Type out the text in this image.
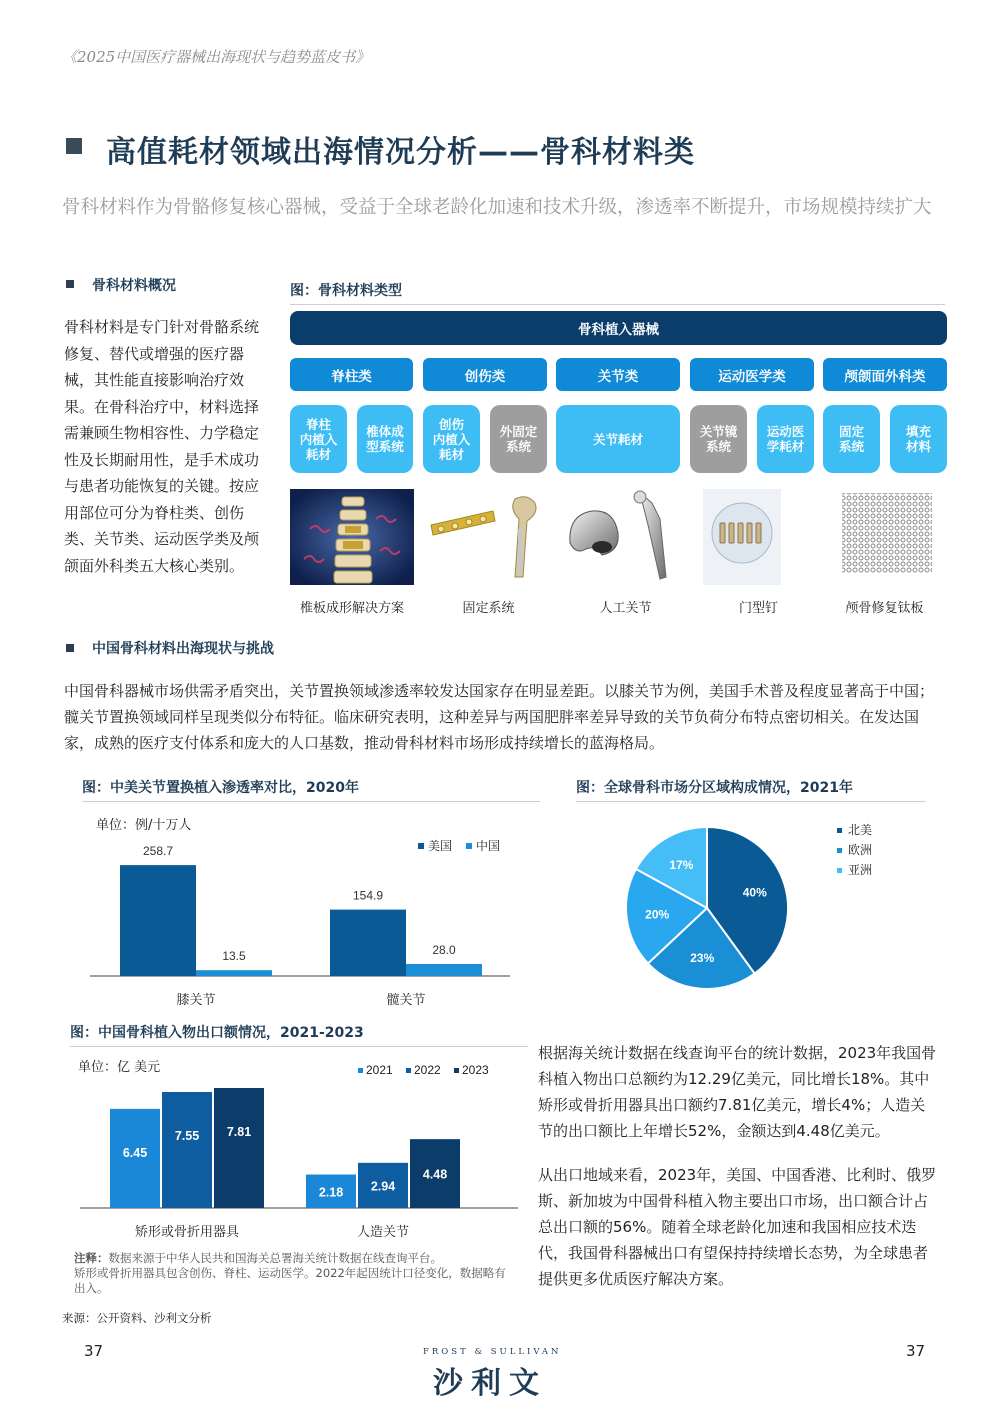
《2025中国医疗器械出海现状与趋势蓝皮书》
高值耗材领域出海情况分析——骨科材料类
骨科材料作为骨骼修复核心器械，受益于全球老龄化加速和技术升级，渗透率不断提升，市场规模持续扩大
骨科材料概况
骨科材料是专门针对骨骼系统修复、替代或增强的医疗器械，其性能直接影响治疗效果。在骨科治疗中，材料选择需兼顾生物相容性、力学稳定性及长期耐用性，是手术成功与患者功能恢复的关键。按应用部位可分为脊柱类、创伤类、关节类、运动医学类及颅颌面外科类五大核心类别。
图：骨科材料类型
骨科植入器械
脊柱类	创伤类	关节类	运动医学类	颅颌面外科类
脊柱
内植入
耗材
椎体成
型系统
创伤
内植入
耗材
外固定
系统	关节耗材	关节镜
系统
运动医
学耗材
固定
系统
填充
材料
椎板成形解决方案	固定系统	人工关节	门型钉	颅骨修复钛板
中国骨科材料出海现状与挑战
中国骨科器械市场供需矛盾突出，关节置换领域渗透率较发达国家存在明显差距。以膝关节为例，美国手术普及程度显著高于中国；髋关节置换领域同样呈现类似分布特征。临床研究表明，这种差异与两国肥胖率差异导致的关节负荷分布特点密切相关。在发达国家，成熟的医疗支付体系和庞大的人口基数，推动骨科材料市场形成持续增长的蓝海格局。
图：中美关节置换植入渗透率对比，2020年
单位：例/十万人
258.7
13.5
膝关节
154.9
28.0
髋关节
美国 中国
图：全球骨科市场分区域构成情况，2021年
40%
23%
20%
17%
北美
欧洲
亚洲
图：中国骨科植入物出口额情况，2021-2023
单位：亿 美元
6.45
7.55 7.81
矫形或骨折用器具
2.18 2.94
4.48
人造关节
2021 2022 2023
根据海关统计数据在线查询平台的统计数据，2023年我国骨科植入物出口总额约为12.29亿美元，同比增长18%。其中矫形或骨折用器具出口额约7.81亿美元，增长4%；人造关节的出口额比上年增长52%，金额达到4.48亿美元。
从出口地域来看，2023年，美国、中国香港、比利时、俄罗斯、新加坡为中国骨科植入物主要出口市场，出口额合计占总出口额的56%。随着全球老龄化加速和我国相应技术迭代，我国骨科器械出口有望保持持续增长态势，为全球患者提供更多优质医疗解决方案。
注释：数据来源于中华人民共和国海关总署海关统计数据在线查询平台。
矫形或骨折用器具包含创伤、脊柱、运动医学。2022年起因统计口径变化，数据略有出入。
来源：公开资料、沙利文分析
37	37
FROST & SULLIVAN
沙利文
